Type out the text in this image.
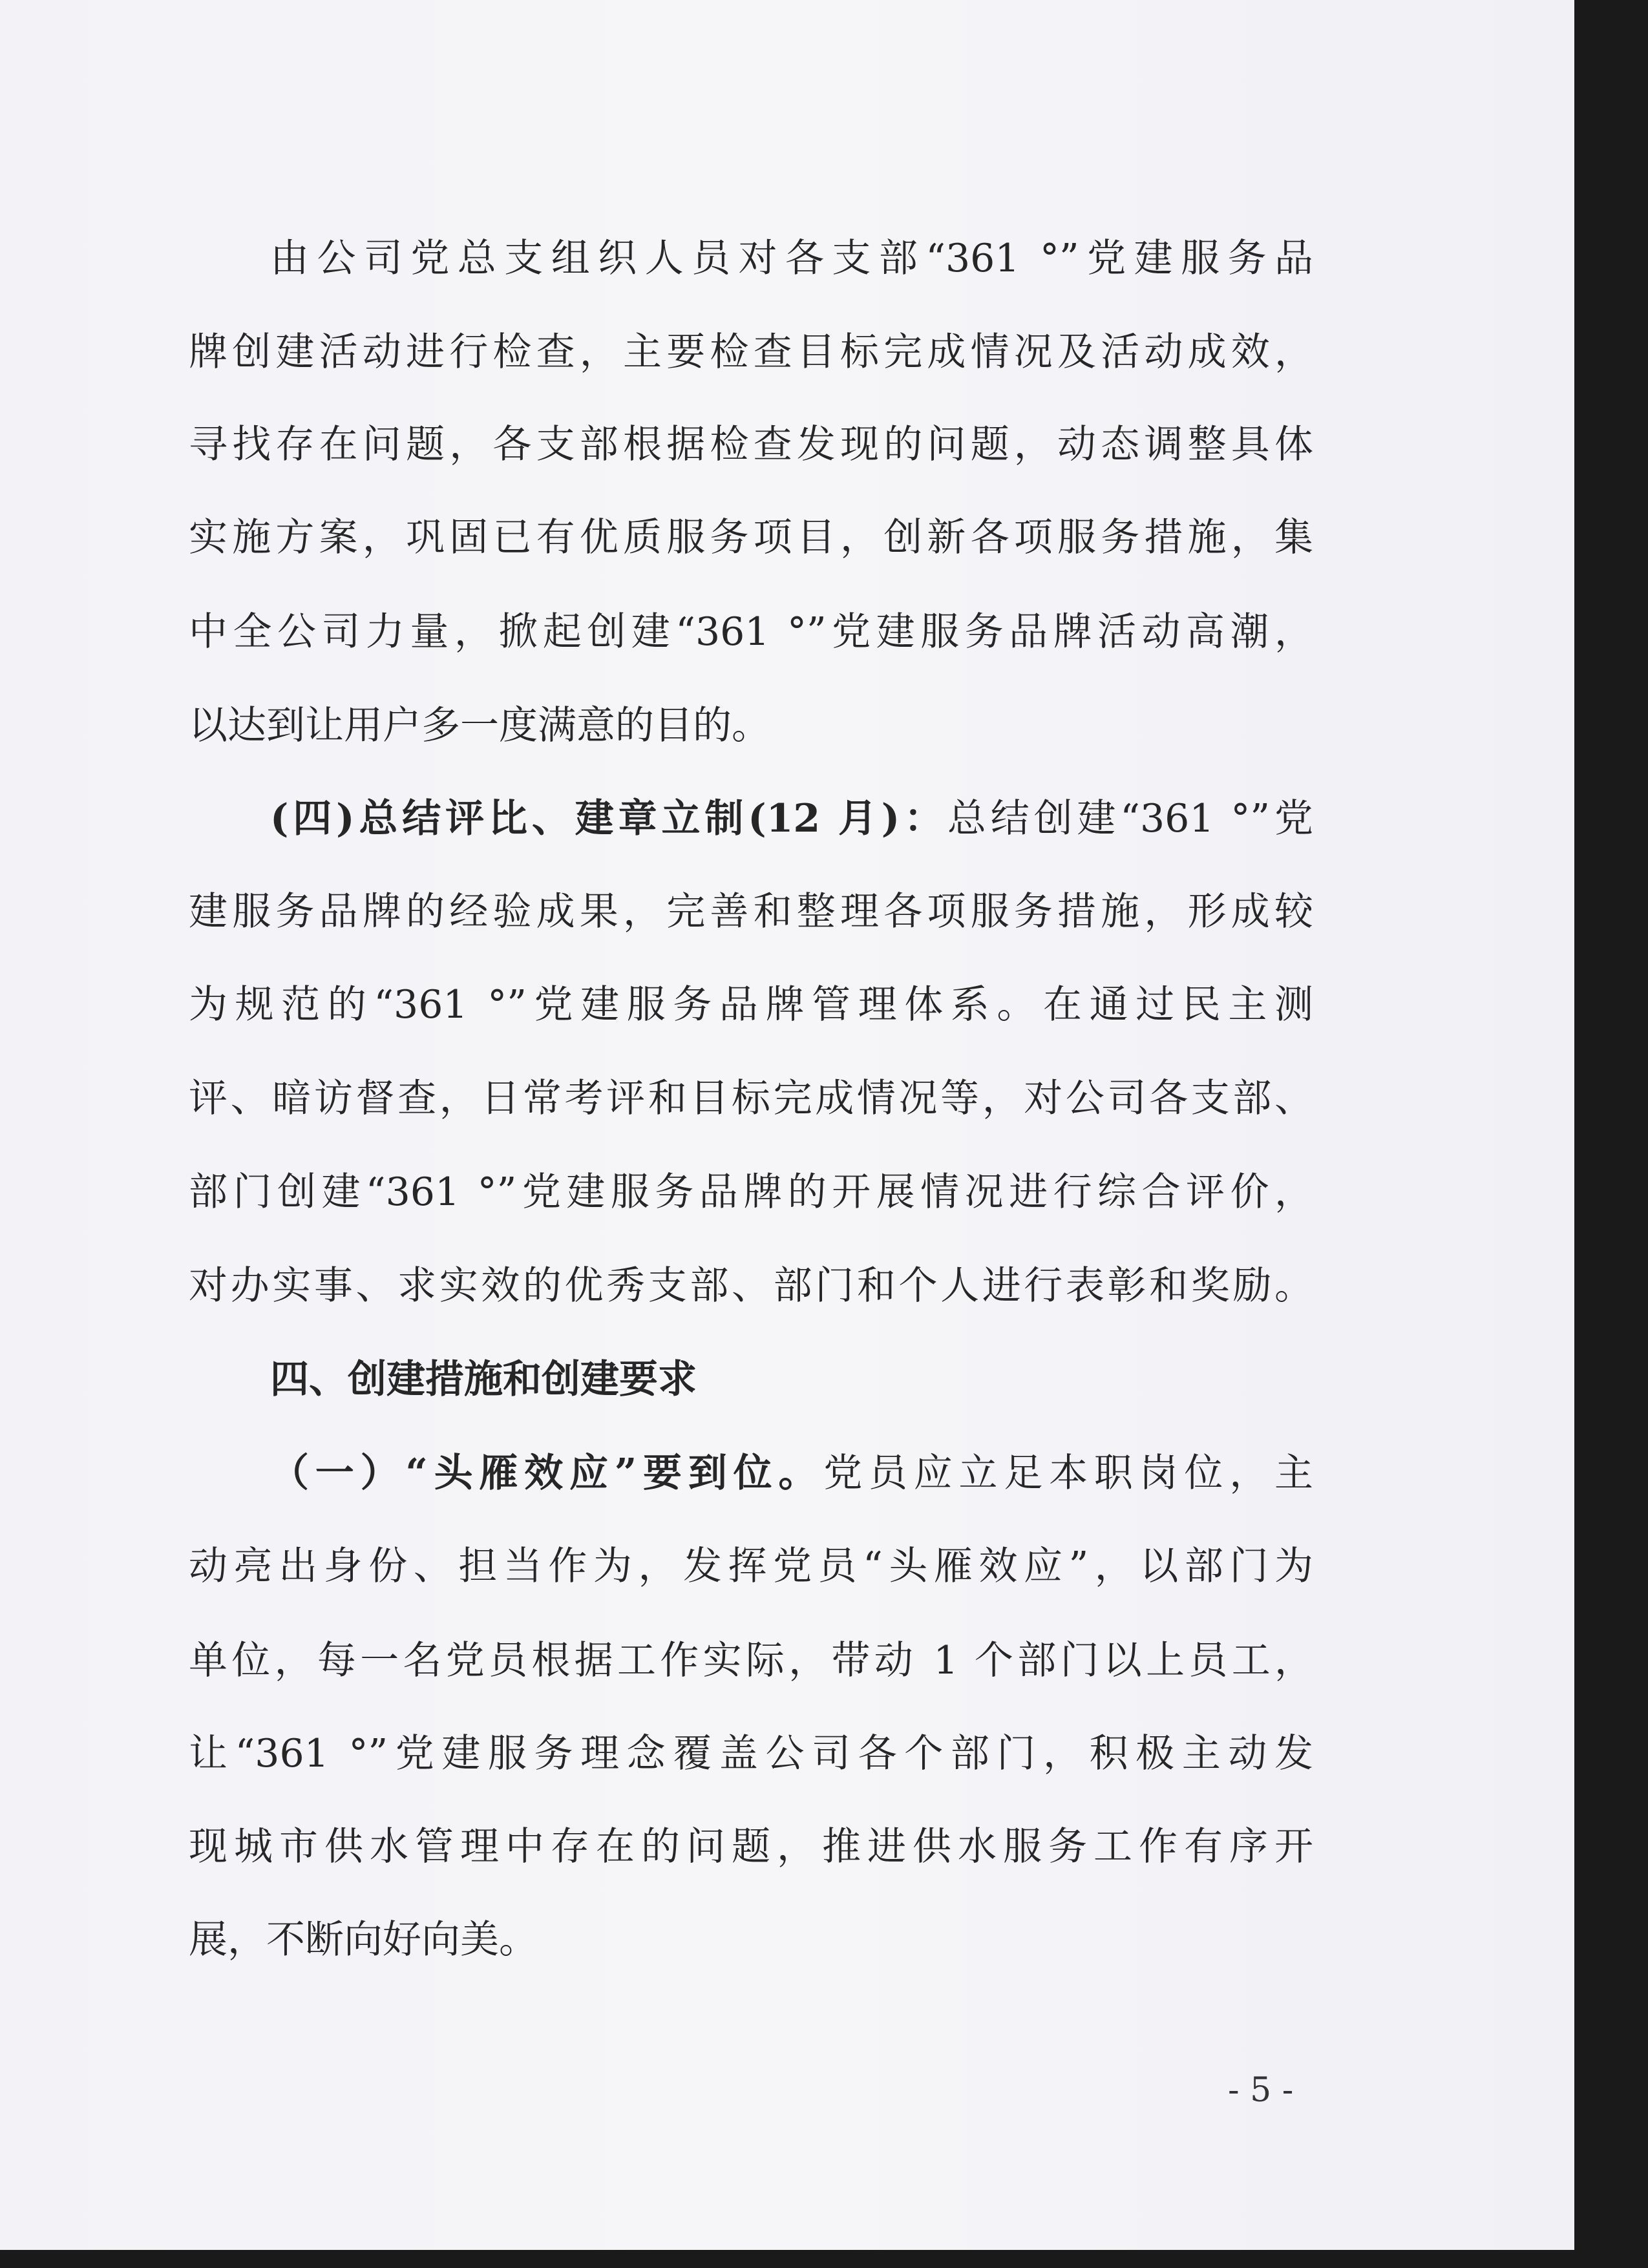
由公司党总支组织人员对各支部“361 °”党建服务品
牌创建活动进行检查，主要检查目标完成情况及活动成效，
寻找存在问题，各支部根据检查发现的问题，动态调整具体
实施方案，巩固已有优质服务项目，创新各项服务措施，集
中全公司力量，掀起创建“361 °”党建服务品牌活动高潮，
以达到让用户多一度满意的目的。
(四)总结评比、建章立制(12 月)：总结创建“361 °”党
建服务品牌的经验成果，完善和整理各项服务措施，形成较
为规范的“361 °”党建服务品牌管理体系。在通过民主测
评、暗访督查，日常考评和目标完成情况等，对公司各支部、
部门创建“361 °”党建服务品牌的开展情况进行综合评价，
对办实事、求实效的优秀支部、部门和个人进行表彰和奖励。
四、创建措施和创建要求
（一）“头雁效应”要到位。党员应立足本职岗位，主
动亮出身份、担当作为，发挥党员“头雁效应”，以部门为
单位，每一名党员根据工作实际，带动 1 个部门以上员工，
让“361 °”党建服务理念覆盖公司各个部门，积极主动发
现城市供水管理中存在的问题，推进供水服务工作有序开
展，不断向好向美。
- 5 -
